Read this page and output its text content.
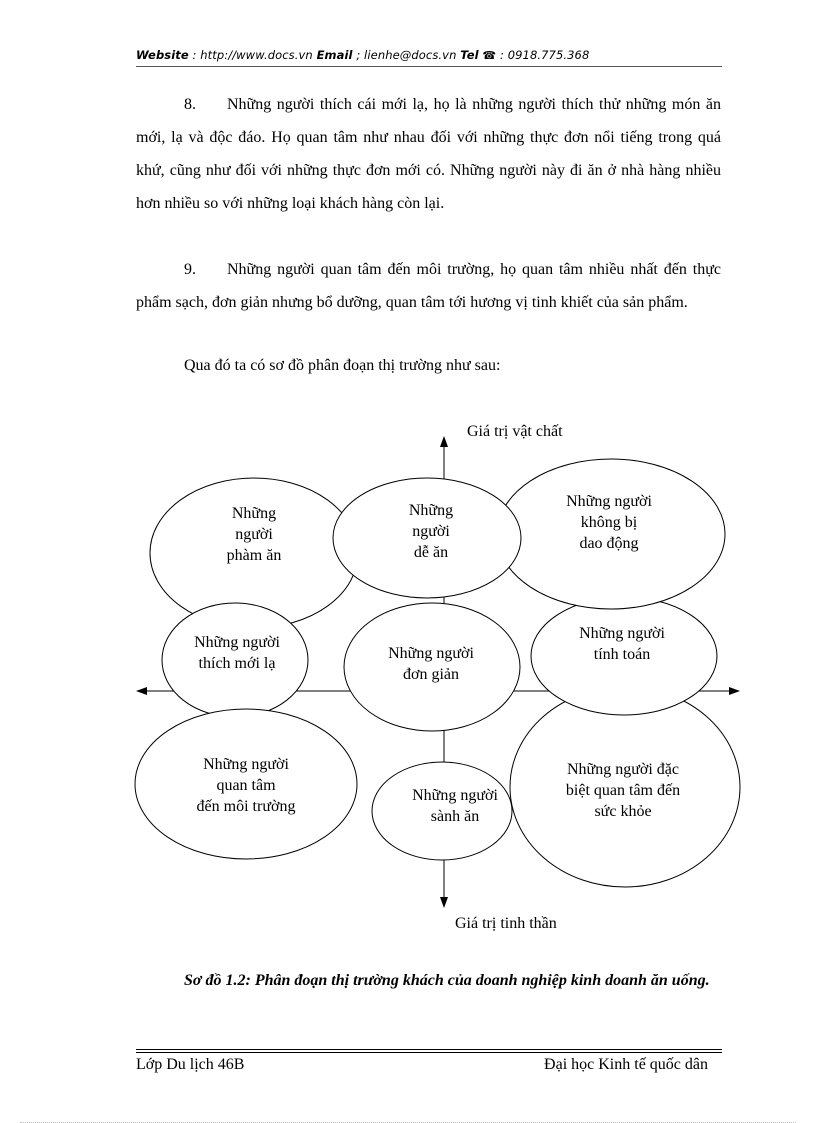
Website : http://www.docs.vn Email ; lienhe@docs.vn Tel ☎ : 0918.775.368
8. Những người thích cái mới lạ, họ là những người thích thử những món ăn mới, lạ và độc đáo. Họ quan tâm như nhau đối với những thực đơn nổi tiếng trong quá khứ, cũng như đối với những thực đơn mới có. Những người này đi ăn ở nhà hàng nhiều hơn nhiều so với những loại khách hàng còn lại.
9. Những người quan tâm đến môi trường, họ quan tâm nhiều nhất đến thực phẩm sạch, đơn giản nhưng bổ dưỡng, quan tâm tới hương vị tinh khiết của sản phẩm.
Qua đó ta có sơ đồ phân đoạn thị trường như sau:
Giá trị vật chất
Giá trị tinh thần
Những
người
phàm ăn
Những
người
dễ ăn
Những người
không bị
dao động
Những người
thích mới lạ
Những người
đơn giản
Những người
tính toán
Những người
quan tâm
đến môi trường
Những người
sành ăn
Những người đặc
biệt quan tâm đến
sức khỏe
Sơ đồ 1.2: Phân đoạn thị trường khách của doanh nghiệp kinh doanh ăn uống.
Lớp Du lịch 46B	Đại học Kinh tế quốc dân
